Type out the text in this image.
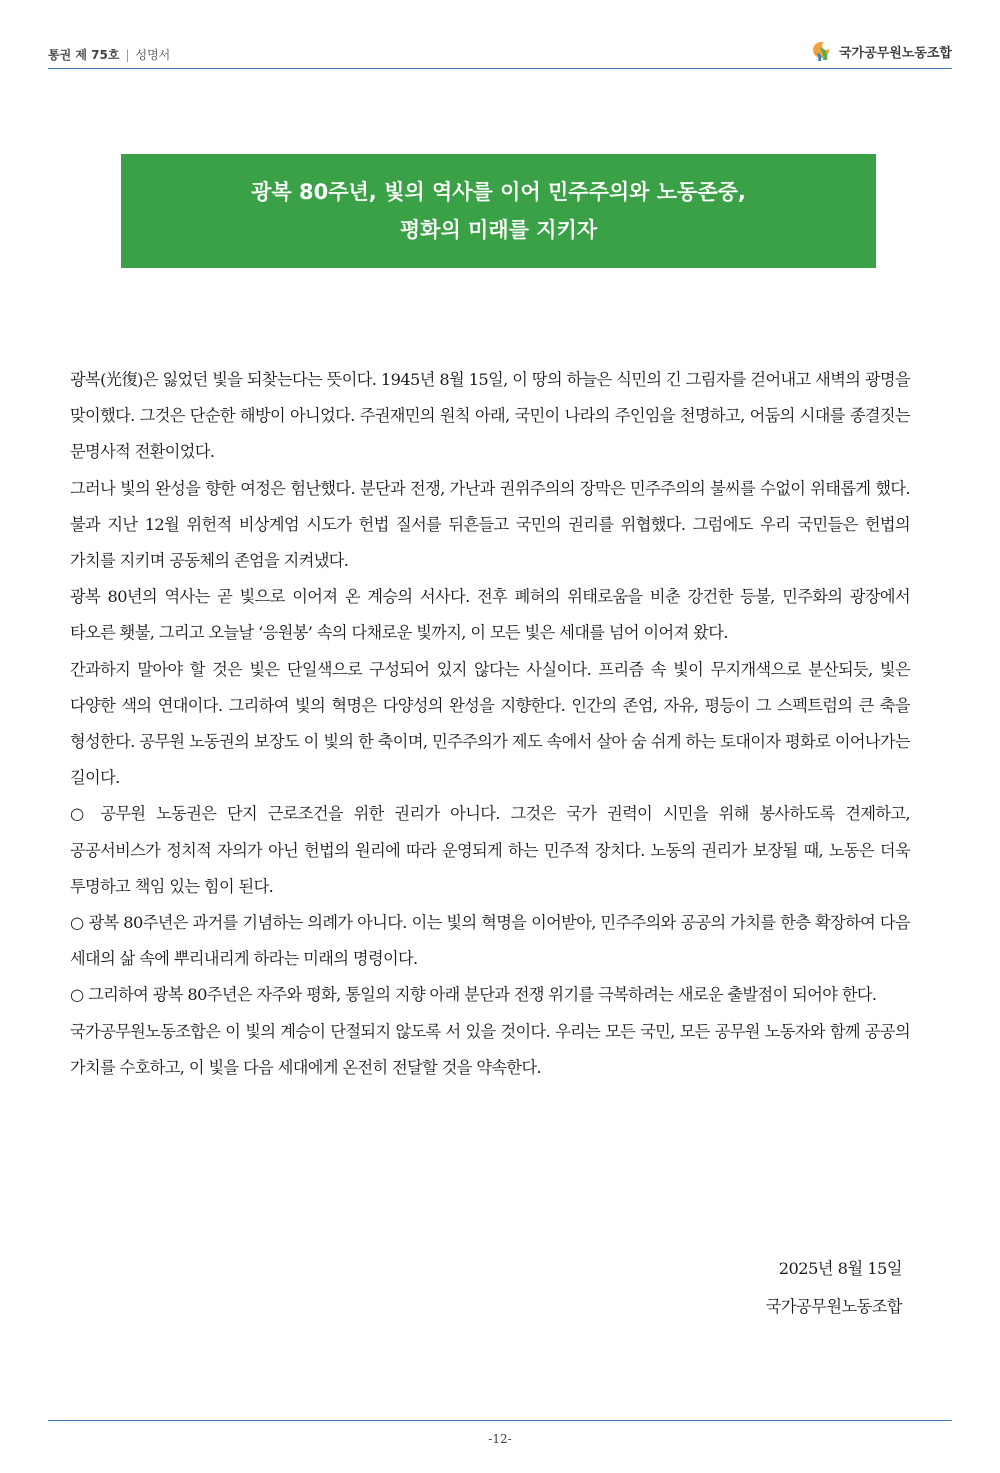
통권 제 75호 | 성명서	국가공무원노동조합
광복 80주년, 빛의 역사를 이어 민주주의와 노동존중,
평화의 미래를 지키자

광복(光復)은 잃었던 빛을 되찾는다는 뜻이다. 1945년 8월 15일, 이 땅의 하늘은 식민의 긴 그림자를 걷어내고 새벽의 광명을 맞이했다. 그것은 단순한 해방이 아니었다. 주권재민의 원칙 아래, 국민이 나라의 주인임을 천명하고, 어둠의 시대를 종결짓는 문명사적 전환이었다.

그러나 빛의 완성을 향한 여정은 험난했다. 분단과 전쟁, 가난과 권위주의의 장막은 민주주의의 불씨를 수없이 위태롭게 했다. 불과 지난 12월 위헌적 비상계엄 시도가 헌법 질서를 뒤흔들고 국민의 권리를 위협했다. 그럼에도 우리 국민들은 헌법의 가치를 지키며 공동체의 존엄을 지켜냈다.

광복 80년의 역사는 곧 빛으로 이어져 온 계승의 서사다. 전후 폐허의 위태로움을 비춘 강건한 등불, 민주화의 광장에서 타오른 횃불, 그리고 오늘날 ‘응원봉’ 속의 다채로운 빛까지, 이 모든 빛은 세대를 넘어 이어져 왔다.

간과하지 말아야 할 것은 빛은 단일색으로 구성되어 있지 않다는 사실이다. 프리즘 속 빛이 무지개색으로 분산되듯, 빛은 다양한 색의 연대이다. 그리하여 빛의 혁명은 다양성의 완성을 지향한다. 인간의 존엄, 자유, 평등이 그 스펙트럼의 큰 축을 형성한다. 공무원 노동권의 보장도 이 빛의 한 축이며, 민주주의가 제도 속에서 살아 숨 쉬게 하는 토대이자 평화로 이어나가는 길이다.

○ 공무원 노동권은 단지 근로조건을 위한 권리가 아니다. 그것은 국가 권력이 시민을 위해 봉사하도록 견제하고, 공공서비스가 정치적 자의가 아닌 헌법의 원리에 따라 운영되게 하는 민주적 장치다. 노동의 권리가 보장될 때, 노동은 더욱 투명하고 책임 있는 힘이 된다.

○ 광복 80주년은 과거를 기념하는 의례가 아니다. 이는 빛의 혁명을 이어받아, 민주주의와 공공의 가치를 한층 확장하여 다음 세대의 삶 속에 뿌리내리게 하라는 미래의 명령이다.

○ 그리하여 광복 80주년은 자주와 평화, 통일의 지향 아래 분단과 전쟁 위기를 극복하려는 새로운 출발점이 되어야 한다.

국가공무원노동조합은 이 빛의 계승이 단절되지 않도록 서 있을 것이다. 우리는 모든 국민, 모든 공무원 노동자와 함께 공공의 가치를 수호하고, 이 빛을 다음 세대에게 온전히 전달할 것을 약속한다.

2025년 8월 15일
국가공무원노동조합
-12-
